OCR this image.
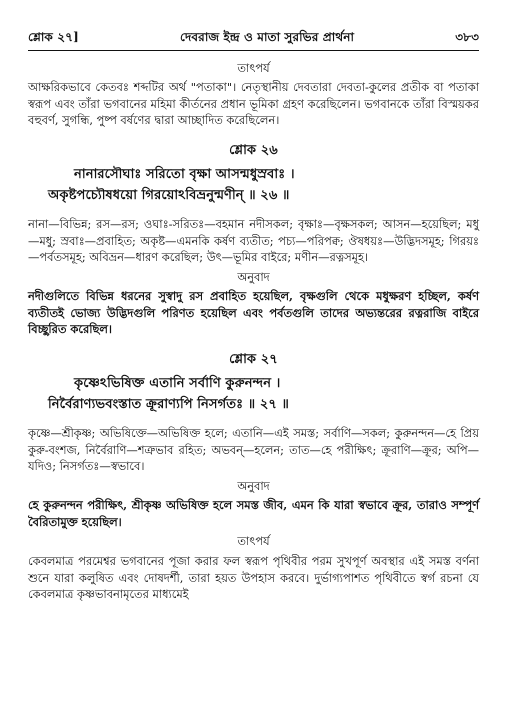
শ্লোক ২৭]	দেবরাজ ইন্দ্র ও মাতা সুরভির প্রার্থনা	৩৮৩
তাৎপর্য

আক্ষরিকভাবে কেতবঃ শব্দটির অর্থ "পতাকা"। নেতৃস্থানীয় দেবতারা দেবতা-কুলের প্রতীক বা পতাকা স্বরূপ এবং তাঁরা ভগবানের মহিমা কীর্তনের প্রধান ভূমিকা গ্রহণ করেছিলেন। ভগবানকে তাঁরা বিস্ময়কর বহুবর্ণ, সুগন্ধি, পুষ্প বর্ষণের দ্বারা আচ্ছাদিত করেছিলেন।

শ্লোক ২৬
নানারসৌঘাঃ সরিতো বৃক্ষা আসন্মধুস্রবাঃ ।
অকৃষ্টপচ্যৌষধয়ো গিরয়োঽবিভ্রনুন্মণীন্ ॥ ২৬ ॥

নানা—বিভিন্ন; রস—রস; ওঘাঃ-সরিতঃ—বহমান নদীসকল; বৃক্ষাঃ—বৃক্ষসকল; আসন—হয়েছিল; মধু—মধু; স্রবাঃ—প্রবাহিত; অকৃষ্ট—এমনকি কর্ষণ ব্যতীত; পচ্য—পরিপক্ব; ঔষধয়ঃ—উদ্ভিদসমূহ; গিরয়ঃ—পর্বতসমূহ; অবিভ্রন—ধারণ করেছিল; উৎ—ভূমির বাইরে; মণীন—রত্নসমূহ।

অনুবাদ

নদীগুলিতে বিভিন্ন ধরনের সুস্বাদু রস প্রবাহিত হয়েছিল, বৃক্ষগুলি থেকে মধুক্ষরণ হচ্ছিল, কর্ষণ ব্যতীতই ভোজ্য উদ্ভিদগুলি পরিণত হয়েছিল এবং পর্বতগুলি তাদের অভ্যন্তরের রত্নরাজি বাইরে বিচ্ছুরিত করেছিল।

শ্লোক ২৭
কৃষ্ণেঽভিষিক্ত এতানি সর্বাণি কুরুনন্দন ।
নির্বৈরাণ্যভবংস্তাত ক্রূরাণ্যপি নিসর্গতঃ ॥ ২৭ ॥

কৃষ্ণে—শ্রীকৃষ্ণ; অভিষিক্তে—অভিষিক্ত হলে; এতানি—এই সমস্ত; সর্বাণি—সকল; কুরুনন্দন—হে প্রিয় কুরু-বংশজ, নির্বৈরাণি—শত্রুভাব রহিত; অভবন্—হলেন; তাত—হে পরীক্ষিৎ; ক্রূরাণি—ক্রূর; অপি—যদিও; নিসর্গতঃ—স্বভাবে।

অনুবাদ

হে কুরুনন্দন পরীক্ষিৎ, শ্রীকৃষ্ণ অভিষিক্ত হলে সমস্ত জীব, এমন কি যারা স্বভাবে ক্রূর, তারাও সম্পূর্ণ বৈরিতামুক্ত হয়েছিল।

তাৎপর্য

কেবলমাত্র পরমেশ্বর ভগবানের পূজা করার ফল স্বরূপ পৃথিবীর পরম সুখপূর্ণ অবস্থার এই সমস্ত বর্ণনা শুনে যারা কলুষিত এবং দোষদর্শী, তারা হয়ত উপহাস করবে। দুর্ভাগ্যপাশত পৃথিবীতে স্বর্গ রচনা যে কেবলমাত্র কৃষ্ণভাবনামৃতের মাধ্যমেই
